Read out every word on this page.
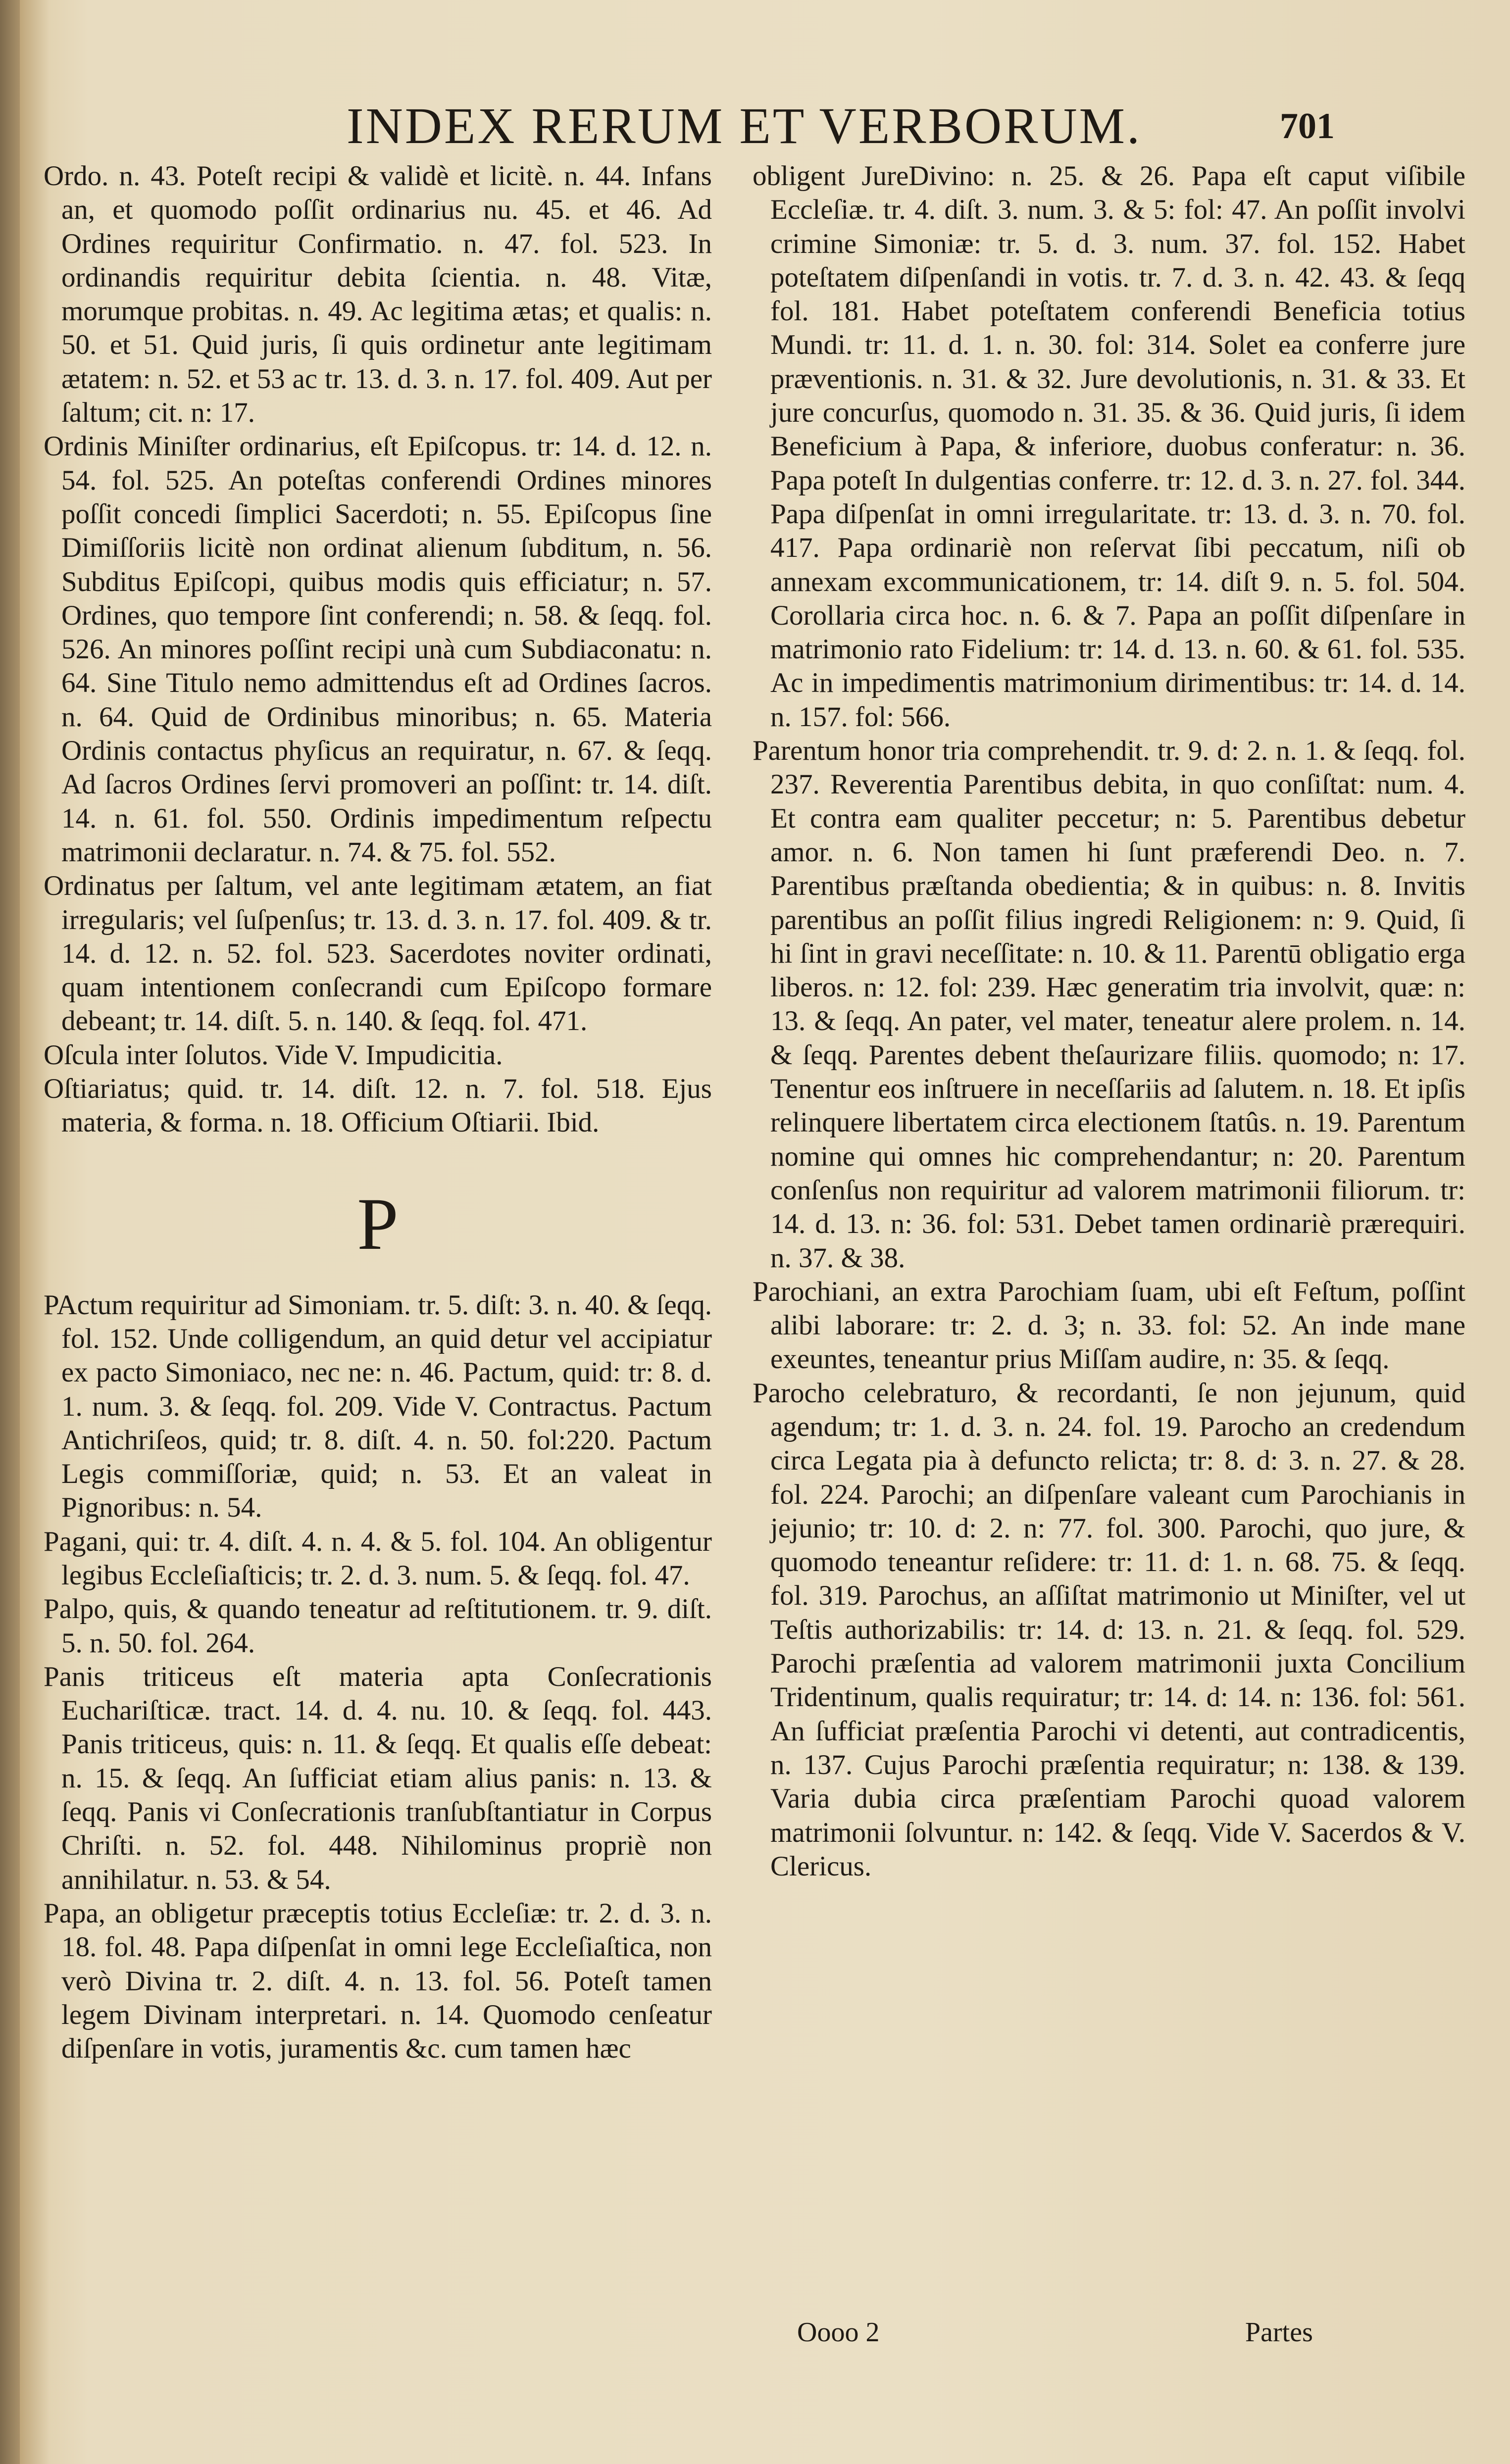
INDEX RERUM ET VERBORUM.	701

Ordo. n. 43. Poteſt recipi & validè et licitè. n. 44. Infans an, et quomodo poſſit ordinarius nu. 45. et 46. Ad Ordines requiritur Confirmatio. n. 47. fol. 523. In ordinandis requiritur debita ſcientia. n. 48. Vitæ, morumque probitas. n. 49. Ac legitima ætas; et qualis: n. 50. et 51. Quid juris, ſi quis ordinetur ante legitimam ætatem: n. 52. et 53 ac tr. 13. d. 3. n. 17. fol. 409. Aut per ſaltum; cit. n: 17.

Ordinis Miniſter ordinarius, eſt Epiſcopus. tr: 14. d. 12. n. 54. fol. 525. An poteſtas conferendi Ordines minores poſſit concedi ſimplici Sacerdoti; n. 55. Epiſcopus ſine Dimiſſoriis licitè non ordinat alienum ſubditum, n. 56. Subditus Epiſcopi, quibus modis quis efficiatur; n. 57. Ordines, quo tempore ſint conferendi; n. 58. & ſeqq. fol. 526. An minores poſſint recipi unà cum Subdiaconatu: n. 64. Sine Titulo nemo admittendus eſt ad Ordines ſacros. n. 64. Quid de Ordinibus minoribus; n. 65. Materia Ordinis contactus phyſicus an requiratur, n. 67. & ſeqq. Ad ſacros Ordines ſervi promoveri an poſſint: tr. 14. diſt. 14. n. 61. fol. 550. Ordinis impedimentum reſpectu matrimonii declaratur. n. 74. & 75. fol. 552.

Ordinatus per ſaltum, vel ante legitimam ætatem, an fiat irregularis; vel ſuſpenſus; tr. 13. d. 3. n. 17. fol. 409. & tr. 14. d. 12. n. 52. fol. 523. Sacerdotes noviter ordinati, quam intentionem conſecrandi cum Epiſcopo formare debeant; tr. 14. diſt. 5. n. 140. & ſeqq. fol. 471.

Oſcula inter ſolutos. Vide V. Impudicitia.

Oſtiariatus; quid. tr. 14. diſt. 12. n. 7. fol. 518. Ejus materia, & forma. n. 18. Officium Oſtiarii. Ibid.

P

PActum requiritur ad Simoniam. tr. 5. diſt: 3. n. 40. & ſeqq. fol. 152. Unde colligendum, an quid detur vel accipiatur ex pacto Simoniaco, nec ne: n. 46. Pactum, quid: tr: 8. d. 1. num. 3. & ſeqq. fol. 209. Vide V. Contractus. Pactum Antichriſeos, quid; tr. 8. diſt. 4. n. 50. fol:220. Pactum Legis commiſſoriæ, quid; n. 53. Et an valeat in Pignoribus: n. 54.

Pagani, qui: tr. 4. diſt. 4. n. 4. & 5. fol. 104. An obligentur legibus Eccleſiaſticis; tr. 2. d. 3. num. 5. & ſeqq. fol. 47.

Palpo, quis, & quando teneatur ad reſtitutionem. tr. 9. diſt. 5. n. 50. fol. 264.

Panis triticeus eſt materia apta Conſecrationis Euchariſticæ. tract. 14. d. 4. nu. 10. & ſeqq. fol. 443. Panis triticeus, quis: n. 11. & ſeqq. Et qualis eſſe debeat: n. 15. & ſeqq. An ſufficiat etiam alius panis: n. 13. & ſeqq. Panis vi Conſecrationis tranſubſtantiatur in Corpus Chriſti. n. 52. fol. 448. Nihilominus propriè non annihilatur. n. 53. & 54.

Papa, an obligetur præceptis totius Eccleſiæ: tr. 2. d. 3. n. 18. fol. 48. Papa diſpenſat in omni lege Eccleſiaſtica, non verò Divina tr. 2. diſt. 4. n. 13. fol. 56. Poteſt tamen legem Divinam interpretari. n. 14. Quomodo cenſeatur diſpenſare in votis, juramentis &c. cum tamen hæc

obligent JureDivino: n. 25. & 26. Papa eſt caput viſibile Eccleſiæ. tr. 4. diſt. 3. num. 3. & 5: fol: 47. An poſſit involvi crimine Simoniæ: tr. 5. d. 3. num. 37. fol. 152. Habet poteſtatem diſpenſandi in votis. tr. 7. d. 3. n. 42. 43. & ſeqq fol. 181. Habet poteſtatem conferendi Beneficia totius Mundi. tr: 11. d. 1. n. 30. fol: 314. Solet ea conferre jure præventionis. n. 31. & 32. Jure devolutionis, n. 31. & 33. Et jure concurſus, quomodo n. 31. 35. & 36. Quid juris, ſi idem Beneficium à Papa, & inferiore, duobus conferatur: n. 36. Papa poteſt In dulgentias conferre. tr: 12. d. 3. n. 27. fol. 344. Papa diſpenſat in omni irregularitate. tr: 13. d. 3. n. 70. fol. 417. Papa ordinariè non reſervat ſibi peccatum, niſi ob annexam excommunicationem, tr: 14. diſt 9. n. 5. fol. 504. Corollaria circa hoc. n. 6. & 7. Papa an poſſit diſpenſare in matrimonio rato Fidelium: tr: 14. d. 13. n. 60. & 61. fol. 535. Ac in impedimentis matrimonium dirimentibus: tr: 14. d. 14. n. 157. fol: 566.

Parentum honor tria comprehendit. tr. 9. d: 2. n. 1. & ſeqq. fol. 237. Reverentia Parentibus debita, in quo conſiſtat: num. 4. Et contra eam qualiter peccetur; n: 5. Parentibus debetur amor. n. 6. Non tamen hi ſunt præferendi Deo. n. 7. Parentibus præſtanda obedientia; & in quibus: n. 8. Invitis parentibus an poſſit filius ingredi Religionem: n: 9. Quid, ſi hi ſint in gravi neceſſitate: n. 10. & 11. Parentū obligatio erga liberos. n: 12. fol: 239. Hæc generatim tria involvit, quæ: n: 13. & ſeqq. An pater, vel mater, teneatur alere prolem. n. 14. & ſeqq. Parentes debent theſaurizare filiis. quomodo; n: 17. Tenentur eos inſtruere in neceſſariis ad ſalutem. n. 18. Et ipſis relinquere libertatem circa electionem ſtatûs. n. 19. Parentum nomine qui omnes hic comprehendantur; n: 20. Parentum conſenſus non requiritur ad valorem matrimonii filiorum. tr: 14. d. 13. n: 36. fol: 531. Debet tamen ordinariè prærequiri. n. 37. & 38.

Parochiani, an extra Parochiam ſuam, ubi eſt Feſtum, poſſint alibi laborare: tr: 2. d. 3; n. 33. fol: 52. An inde mane exeuntes, teneantur prius Miſſam audire, n: 35. & ſeqq.

Parocho celebraturo, & recordanti, ſe non jejunum, quid agendum; tr: 1. d. 3. n. 24. fol. 19. Parocho an credendum circa Legata pia à defuncto relicta; tr: 8. d: 3. n. 27. & 28. fol. 224. Parochi; an diſpenſare valeant cum Parochianis in jejunio; tr: 10. d: 2. n: 77. fol. 300. Parochi, quo jure, & quomodo teneantur reſidere: tr: 11. d: 1. n. 68. 75. & ſeqq. fol. 319. Parochus, an aſſiſtat matrimonio ut Miniſter, vel ut Teſtis authorizabilis: tr: 14. d: 13. n. 21. & ſeqq. fol. 529. Parochi præſentia ad valorem matrimonii juxta Concilium Tridentinum, qualis requiratur; tr: 14. d: 14. n: 136. fol: 561. An ſufficiat præſentia Parochi vi detenti, aut contradicentis, n. 137. Cujus Parochi præſentia requiratur; n: 138. & 139. Varia dubia circa præſentiam Parochi quoad valorem matrimonii ſolvuntur. n: 142. & ſeqq. Vide V. Sacerdos & V. Clericus.

Oooo 2	Partes
